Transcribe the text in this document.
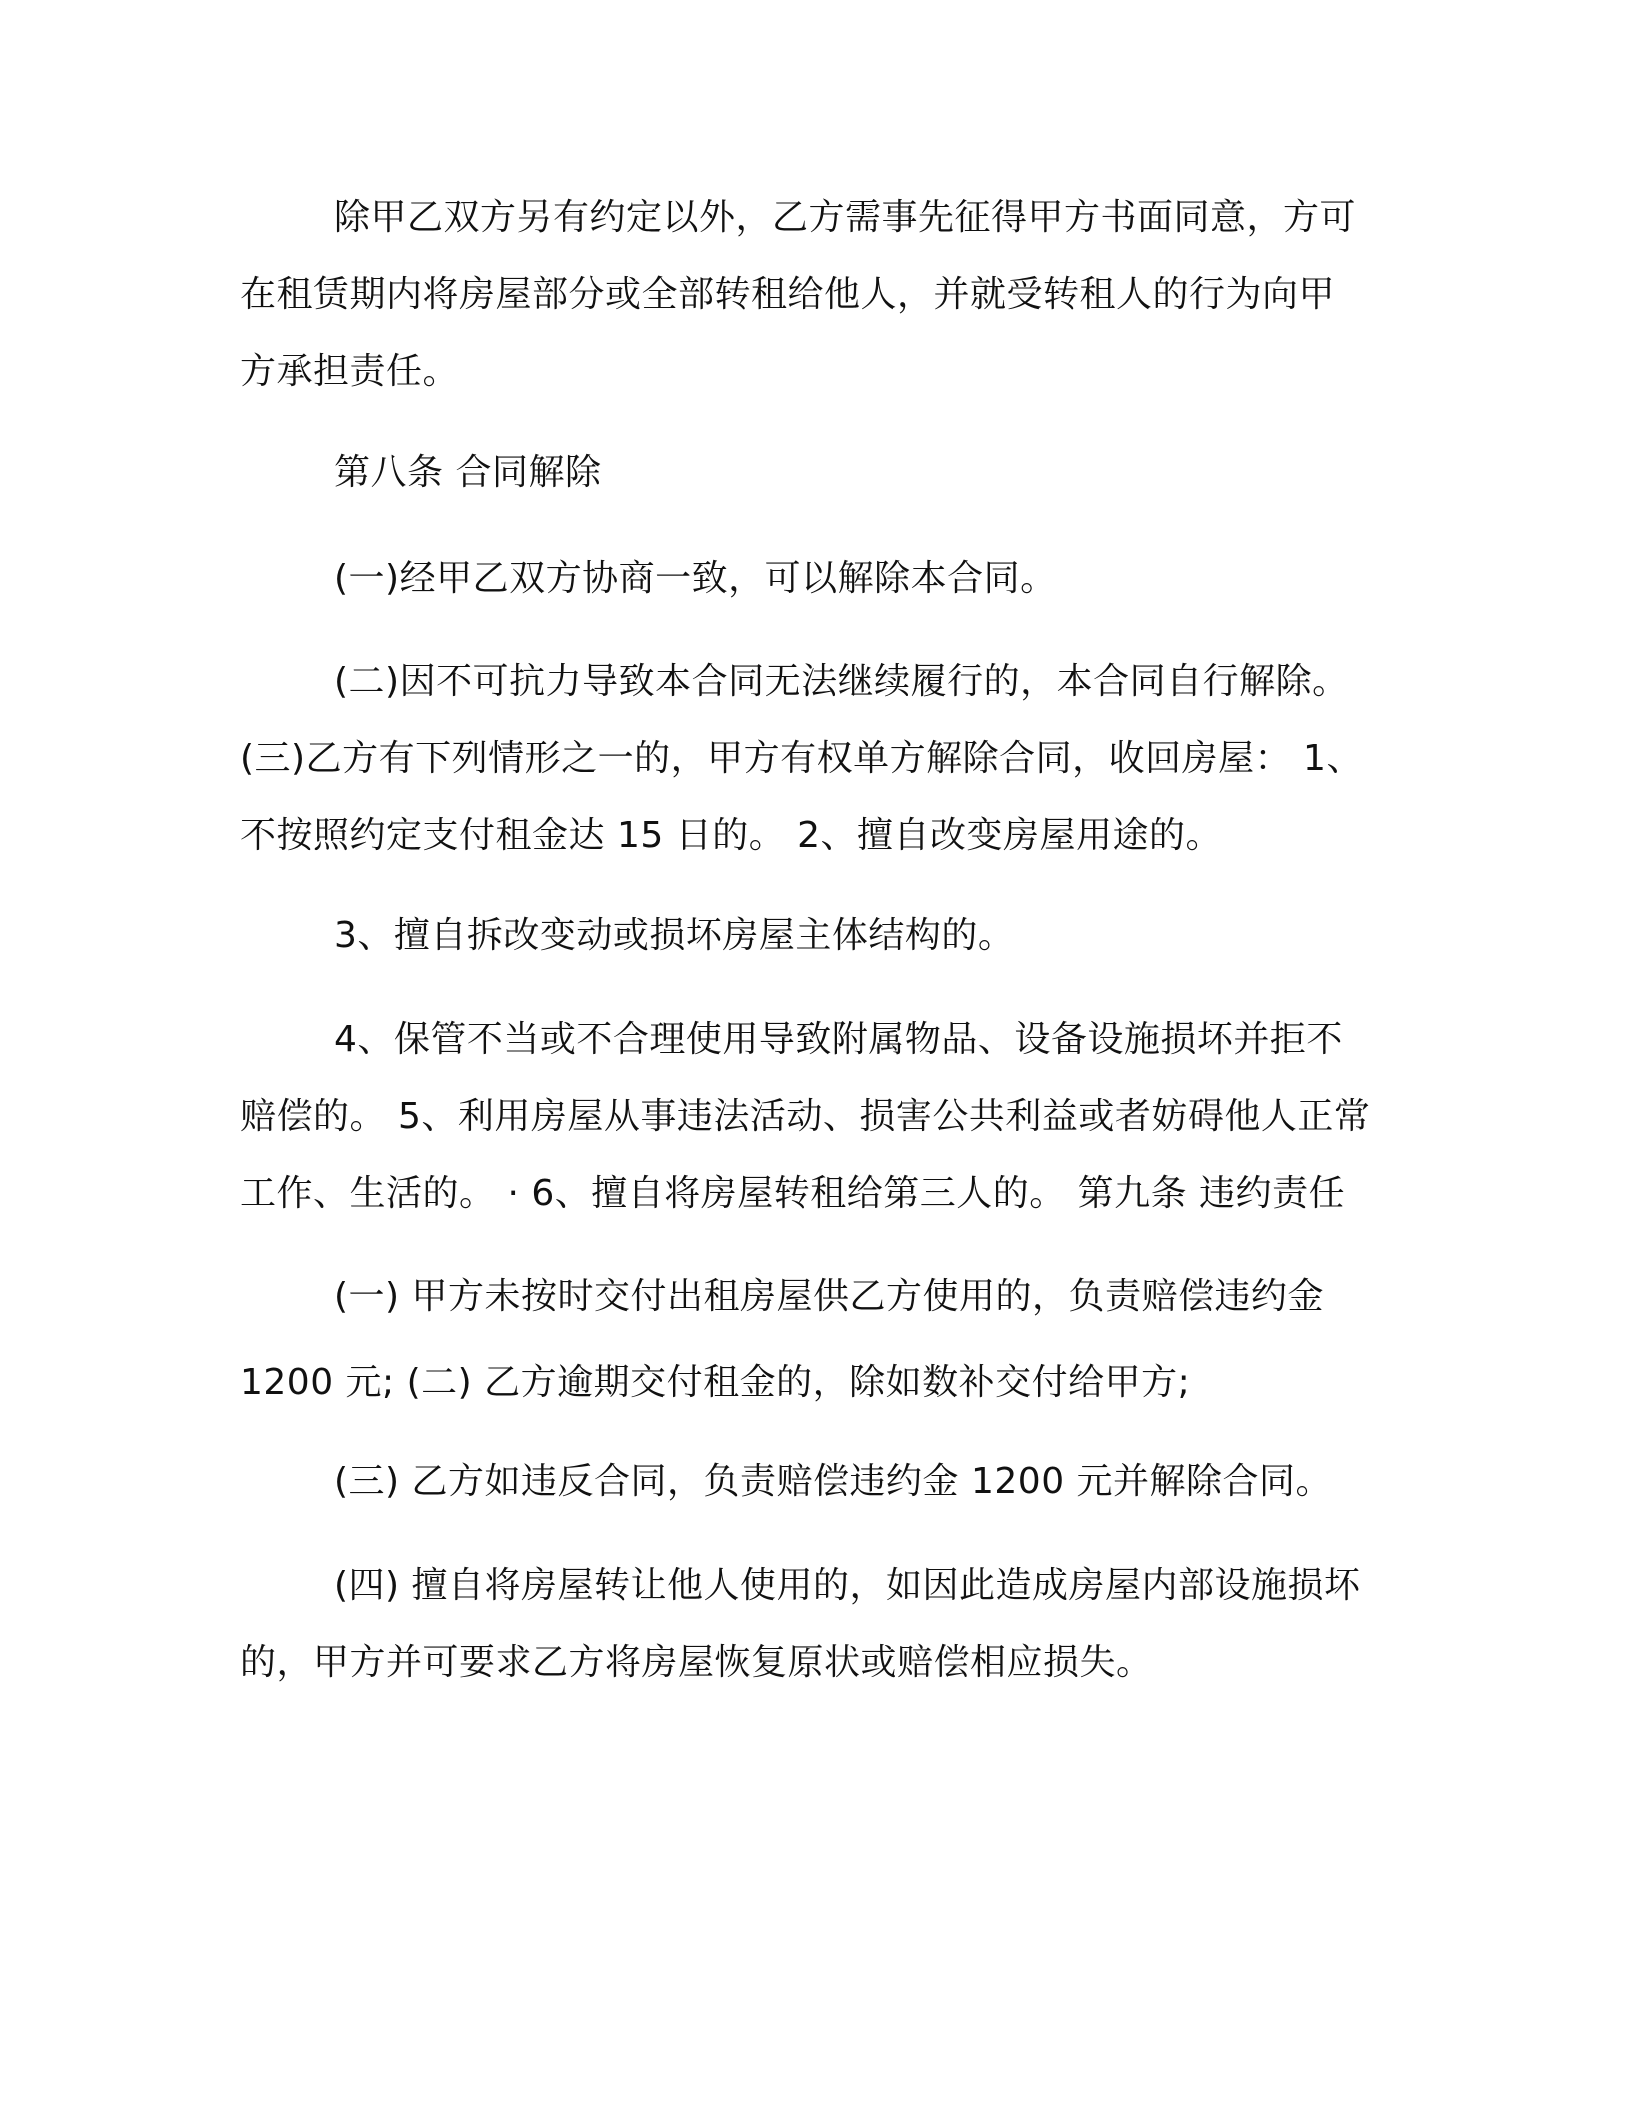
除甲乙双方另有约定以外，乙方需事先征得甲方书面同意，方可

在租赁期内将房屋部分或全部转租给他人，并就受转租人的行为向甲

方承担责任。

第八条 合同解除

(一)经甲乙双方协商一致，可以解除本合同。

(二)因不可抗力导致本合同无法继续履行的，本合同自行解除。

(三)乙方有下列情形之一的，甲方有权单方解除合同，收回房屋： 1、

不按照约定支付租金达 15 日的。 2、擅自改变房屋用途的。

3、擅自拆改变动或损坏房屋主体结构的。

4、保管不当或不合理使用导致附属物品、设备设施损坏并拒不

赔偿的。 5、利用房屋从事违法活动、损害公共利益或者妨碍他人正常

工作、生活的。 · 6、擅自将房屋转租给第三人的。 第九条 违约责任

(一) 甲方未按时交付出租房屋供乙方使用的，负责赔偿违约金

1200 元; (二) 乙方逾期交付租金的，除如数补交付给甲方;

(三) 乙方如违反合同，负责赔偿违约金 1200 元并解除合同。

(四) 擅自将房屋转让他人使用的，如因此造成房屋内部设施损坏

的，甲方并可要求乙方将房屋恢复原状或赔偿相应损失。
